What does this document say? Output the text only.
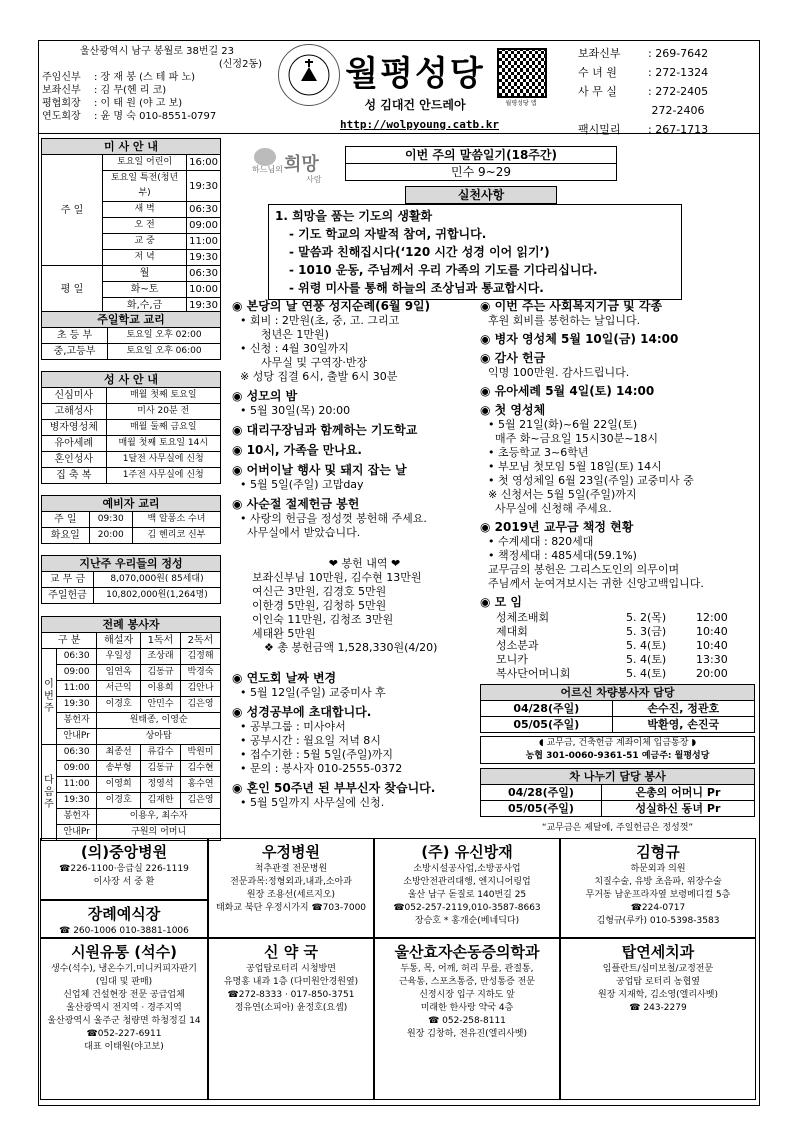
울산광역시 남구 봉월로 38번길 23
(신정2동)
주임신부 : 장 재 봉 (스 테 파 노)
보좌신부 : 김 무(헨 리 코)
평협회장 : 이 태 원 (야 고 보)
연도회장 : 윤 명 숙 010-8551-0797
월평성당
성 김대건 안드레아
http://wolpyoung.catb.kr
월평성당 앱
보좌신부 : 269-7642
수 녀 원	: 272-1324
사 무 실	: 272-2405
272-2406
팩시밀리 : 267-1713
미 사 안 내		
주 일	토요일 어린이	16:00
	토요일 특전(청년부)	19:30
	새 벽	06:30
	오 전	09:00
	교 중	11:00
	저 녁	19:30
평 일	월	06:30
	화~토	10:00
	화,수,금	19:30
주일학교 교리	
초 등 부	토요일 오후 02:00
중,고등부	토요일 오후 06:00
성 사 안 내	
신심미사	매월 첫째 토요일
고해성사	미사 20분 전
병자영성체	매월 둘째 금요일
유아세례	매월 첫째 토요일 14시
혼인성사	1달전 사무실에 신청
집 축 복	1주전 사무실에 신청
예비자 교리		
주 일	09:30	백 알퐁소 수녀
화요일	20:00	김 헨리코 신부
지난주 우리들의 정성	
교 무 금	8,070,000원( 85세대)
주일헌금	10,802,000원(1,264명)
전례 봉사자				
구 분		해설자	1독서	2독서
이번주	06:30	우일성	조상래	김정해
	09:00	임연옥	김동규	박경숙
	11:00	서근익	이용희	김안나
	19:30	이경호	안민수	김은영
	봉헌자	원태종, 이영순		
	안내Pr	상아탑		
다음주	06:30	최종선	류갑수	박원미
	09:00	송부형	김동규	김수현
	11:00	이영희	정영석	홍수연
	19:30	이경호	김재한	김은영
	봉헌자	이용우, 최수자		
	안내Pr	구원의 어머니		
하느님의 희망
사람
이번 주의 말씀일기(18주간)
민수 9~29
실천사항
1. 희망을 품는 기도의 생활화
- 기도 학교의 자발적 참여, 귀합니다.
- 말씀과 친해집시다(‘120 시간 성경 이어 읽기’)
- 1010 운동, 주님께서 우리 가족의 기도를 기다리십니다.
- 위령 미사를 통해 하늘의 조상님과 통교합시다.
◉ 본당의 날 연풍 성지순례(6월 9일)
• 회비 : 2만원(초, 중, 고. 그리고
청년은 1만원)
• 신청 : 4월 30일까지
사무실 및 구역장·반장
※ 성당 집결 6시, 출발 6시 30분
◉ 성모의 밤
• 5월 30일(목) 20:00
◉ 대리구장님과 함께하는 기도학교
◉ 10시, 가족을 만나요.
◉ 어버이날 행사 및 돼지 잡는 날
• 5월 5일(주일) 고맙day
◉ 사순절 절제헌금 봉헌
• 사랑의 헌금을 정성껏 봉헌해 주세요.
사무실에서 받았습니다.
❤ 봉헌 내역 ❤
보좌신부님 10만원, 김수현 13만원
여신근 3만원, 김경호 5만원
이한경 5만원, 김청하 5만원
이인숙 11만원, 김청조 3만원
세태완 5만원
❖ 총 봉헌금액 1,528,330원(4/20)
◉ 연도회 날짜 변경
• 5월 12일(주일) 교중미사 후
◉ 성경공부에 초대합니다.
• 공부그룹 : 미사야서
• 공부시간 : 월요일 저녁 8시
• 접수기한 : 5월 5일(주일)까지
• 문의 : 봉사자 010-2555-0372
◉ 혼인 50주년 된 부부신자 찾습니다.
• 5월 5일까지 사무실에 신청.
◉ 이번 주는 사회복지기금 및 각종
후원 회비를 봉헌하는 날입니다.
◉ 병자 영성체 5월 10일(금) 14:00
◉ 감사 헌금
익명 100만원. 감사드립니다.
◉ 유아세례 5월 4일(토) 14:00
◉ 첫 영성체
• 5월 21일(화)~6월 22일(토)
매주 화~금요일 15시30분~18시
• 초등학교 3~6학년
• 부모님 첫모임 5월 18일(토) 14시
• 첫 영성체일 6월 23일(주일) 교중미사 중
※ 신청서는 5월 5일(주일)까지
사무실에 신청해 주세요.
◉ 2019년 교무금 책정 현황
• 수계세대 : 820세대
• 책정세대 : 485세대(59.1%)
교무금의 봉헌은 그리스도인의 의무이며
주님께서 눈여겨보시는 귀한 신앙고백입니다.
◉ 모 임
성체조배회	5. 2(목)	12:00
제대회	5. 3(금)	10:40
성소분과	5. 4(토)	10:40
모니카	5. 4(토)	13:30
복사단어머니회	5. 4(토)	20:00
어르신 차량봉사자 담당	
04/28(주일)	손수진, 정관호
05/05(주일)	박환영, 손진국
◖ 교무금, 건축헌금 계좌이체 입금통장 ◗
농협 301-0060-9361-51 예금주: 월평성당
차 나누기 담당 봉사	
04/28(주일)	은총의 어머니 Pr
05/05(주일)	성실하신 동녀 Pr
“교무금은 제달에, 주일헌금은 정성껏”
(의)중앙병원
☎226-1100·응급실 226-1119
이사장 서 중 환
장례예식장
☎ 260-1006 010-3881-1006
우정병원
척추관절 전문병원
전문과목:정형외과,내과,소아과
원장 조용선(세르지오)
태화교 북단 우정시가지 ☎703-7000
(주) 유신방재
소방시설공사업,소방공사업
소방안전관리대행, 엔지니어링업
울산 남구 돋질로 140번길 25
☎052-257-2119,010-3587-8663
장승호 * 홍개순(베네딕다)
김형규
하문외과 의원
치질수술, 유방 초음파, 위장수술
무거동 남운프라자옆 보령메디컬 5층
☎224-0717
김형규(루카) 010-5398-3583
시원유통 (석수)
생수(석수), 냉온수기,미니커피자판기
(임대 및 판매)
신업체 건설현장 전문 공급업체
울산광역시 전지역 · 경주지역
울산광역시 울주군 청량면 하청정길 14
☎052-227-6911
대표 이태원(야고보)
신 약 국
공업탑로터리 시청방면
유명홍 내과 1층 (다미원안경원옆)
☎272-8333 · 017-850-3751
정유연(소피아) 윤정호(요셉)
울산효자손동증의학과
두통, 목, 어깨, 허리 무릎, 관절통,
근육통, 스포츠통증, 만성통증 전문
신정시장 입구 지하도 앞
미래한 한사랑 약국 4층
☎ 052-258-8111
원장 김창하, 전유진(엘리사벳)
탑연세치과
임플란트/심미보철/교정전문
공업탑 로터리 농협옆
원장 지재학, 김소영(엘리사벳)
☎ 243-2279
